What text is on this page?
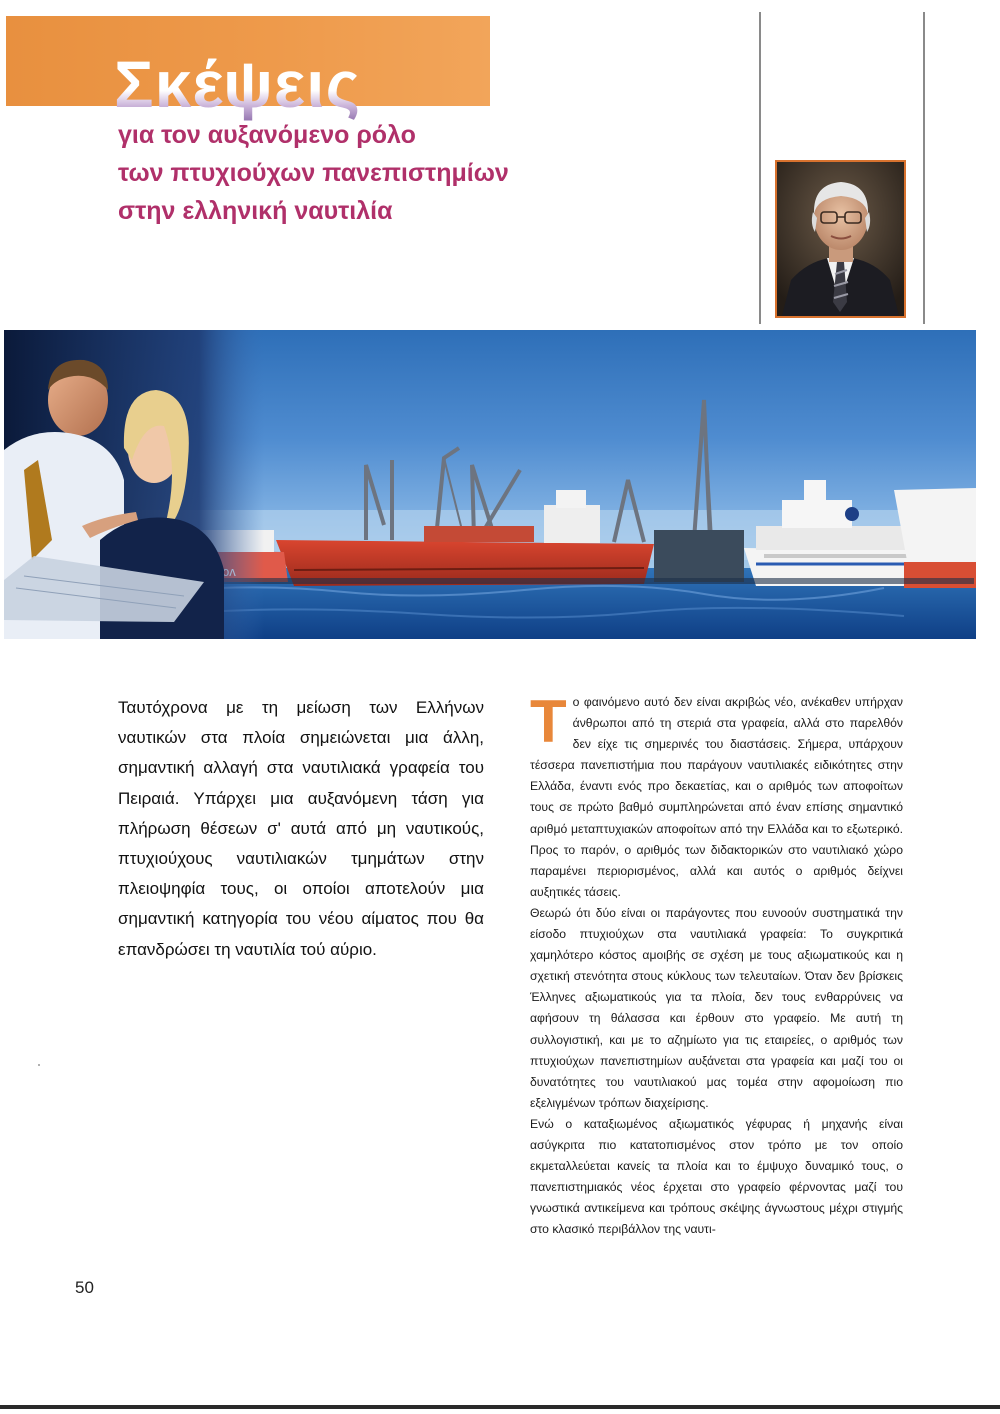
Σκέψεις
για τον αυξανόμενο ρόλο
των πτυχιούχων πανεπιστημίων
στην ελληνική ναυτιλία

Ταυτόχρονα με τη μείωση των Ελλήνων ναυτικών στα πλοία σημειώνεται μια άλλη, σημαντική αλλαγή στα ναυτιλιακά γραφεία του Πειραιά. Υπάρχει μια αυξανόμενη τάση για πλήρωση θέσεων σ' αυτά από μη ναυτικούς, πτυχιούχους ναυτιλιακών τμημάτων στην πλειοψηφία τους, οι οποίοι αποτελούν μια σημαντική κατηγορία του νέου αίματος που θα επανδρώσει τη ναυτιλία τού αύριο.

Το φαινόμενο αυτό δεν είναι ακριβώς νέο, ανέκαθεν υπήρχαν άνθρωποι από τη στεριά στα γραφεία, αλλά στο παρελθόν δεν είχε τις σημερινές του διαστάσεις. Σήμερα, υπάρχουν τέσσερα πανεπιστήμια που παράγουν ναυτιλιακές ειδικότητες στην Ελλάδα, έναντι ενός προ δεκαετίας, και ο αριθμός των αποφοίτων τους σε πρώτο βαθμό συμπληρώνεται από έναν επίσης σημαντικό αριθμό μεταπτυχιακών αποφοίτων από την Ελλάδα και το εξωτερικό. Προς το παρόν, ο αριθμός των διδακτορικών στο ναυτιλιακό χώρο παραμένει περιορισμένος, αλλά και αυτός ο αριθμός δείχνει αυξητικές τάσεις.

Θεωρώ ότι δύο είναι οι παράγοντες που ευνοούν συστηματικά την είσοδο πτυχιούχων στα ναυτιλιακά γραφεία: Το συγκριτικά χαμηλότερο κόστος αμοιβής σε σχέση με τους αξιωματικούς και η σχετική στενότητα στους κύκλους των τελευταίων. Όταν δεν βρίσκεις Έλληνες αξιωματικούς για τα πλοία, δεν τους ενθαρρύνεις να αφήσουν τη θάλασσα και έρθουν στο γραφείο. Με αυτή τη συλλογιστική, και με το αζημίωτο για τις εταιρείες, ο αριθμός των πτυχιούχων πανεπιστημίων αυξάνεται στα γραφεία και μαζί του οι δυνατότητες του ναυτιλιακού μας τομέα στην αφομοίωση πιο εξελιγμένων τρόπων διαχείρισης.

Ενώ ο καταξιωμένος αξιωματικός γέφυρας ή μηχανής είναι ασύγκριτα πιο κατατοπισμένος στον τρόπο με τον οποίο εκμεταλλεύεται κανείς τα πλοία και το έμψυχο δυναμικό τους, ο πανεπιστημιακός νέος έρχεται στο γραφείο φέρνοντας μαζί του γνωστικά αντικείμενα και τρόπους σκέψης άγνωστους μέχρι στιγμής στο κλασικό περιβάλλον της ναυτι-

50
